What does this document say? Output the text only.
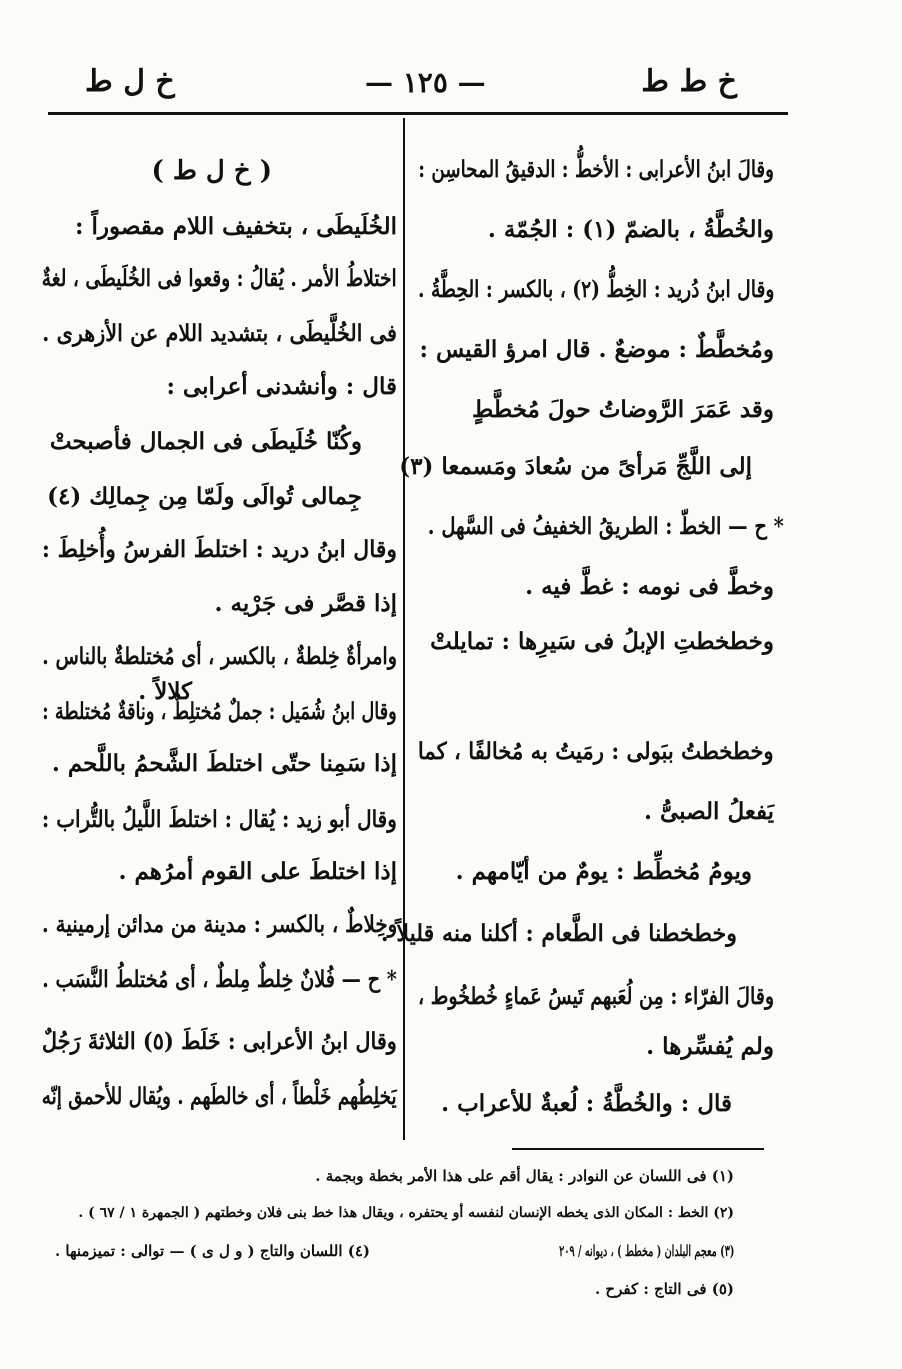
خ ط ط
— ١٢٥ —
خ ل ط
وقالَ ابنُ الأعرابى : الأخطُّ : الدقيقُ المحاسِن :
والخُطَّةُ ، بالضمّ (١) : الجُمّة .
وقال ابنُ دُريد : الخِطُّ (٢) ، بالكسر : الحِطَّةُ .
ومُخطَّطٌ : موضعٌ . قال امرؤ القيس :
وقد عَمَرَ الرَّوضاتُ حولَ مُخطَّطٍ
إلى اللَّجِّ مَرأىً من سُعادَ ومَسمعا (٣)
* ح — الخطّ : الطريقُ الخفيفُ فى السَّهل .
وخطَّ فى نومه : غطَّ فيه .
وخطخطتِ الإبلُ فى سَيرِها : تمايلتْ
كلالاً .
وخطخطتُ ببَولى : رمَيتُ به مُخالفًا ، كما
يَفعلُ الصبىُّ .
ويومُ مُخطِّط : يومٌ من أيّامهم .
وخطخطنا فى الطَّعام : أكلنا منه قليلاً .
وقالَ الفرّاء : مِن لُعَبهم تَيسُ عَماءٍ خُطخُوط ،
ولم يُفسِّرها .
قال : والخُطَّةُ : لُعبةٌ للأعراب .
( خ ل ط )
الخُلَيطَى ، بتخفيف اللام مقصوراً :
اختلاطُ الأمر . يُقالُ : وقعوا فى الخُلَيطَى ، لغةٌ
فى الخُلَّيطَى ، بتشديد اللام عن الأزهرى .
قال : وأنشدنى أعرابى :
وكُنّا خُلَيطَى فى الجمال فأصبحتْ
جِمالى تُوالَى ولَمّا مِن جِمالِك (٤)
وقال ابنُ دريد : اختلطَ الفرسُ وأُخلِطَ :
إذا قصَّر فى جَرْيه .
وامرأةٌ خِلطةٌ ، بالكسر ، أى مُختلطةٌ بالناس .
وقال ابنُ شُمَيل : جملٌ مُختلِطٌ ، وناقةٌ مُختلطة :
إذا سَمِنا حتّى اختلطَ الشَّحمُ باللَّحم .
وقال أبو زيد : يُقال : اختلطَ اللَّيلُ بالتُّراب :
إذا اختلطَ على القوم أمرُهم .
وخِلاطٌ ، بالكسر : مدينة من مدائن إرمينية .
* ح — فُلانٌ خِلطٌ مِلطٌ ، أى مُختلطُ النَّسَب .
وقال ابنُ الأعرابى : خَلَطَ (٥) الثلاثةَ رَجُلٌ
يَخلِطُهم خَلْطاً ، أى خالطَهم . ويُقال للأحمق إنّه
(١) فى اللسان عن النوادر : يقال أقم على هذا الأمر بخطة وبجمة .
(٢) الخط : المكان الذى يخطه الإنسان لنفسه أو يحتفره ، ويقال هذا خط بنى فلان وخطتهم ( الجمهرة ١ / ٦٧ ) .
(٣) معجم البلدان ( مخطط ) ، ديوانه / ٢٠٩
(٤) اللسان والتاج ( و ل ى ) — توالى : تميزمنها .
(٥) فى التاج : كفرح .
